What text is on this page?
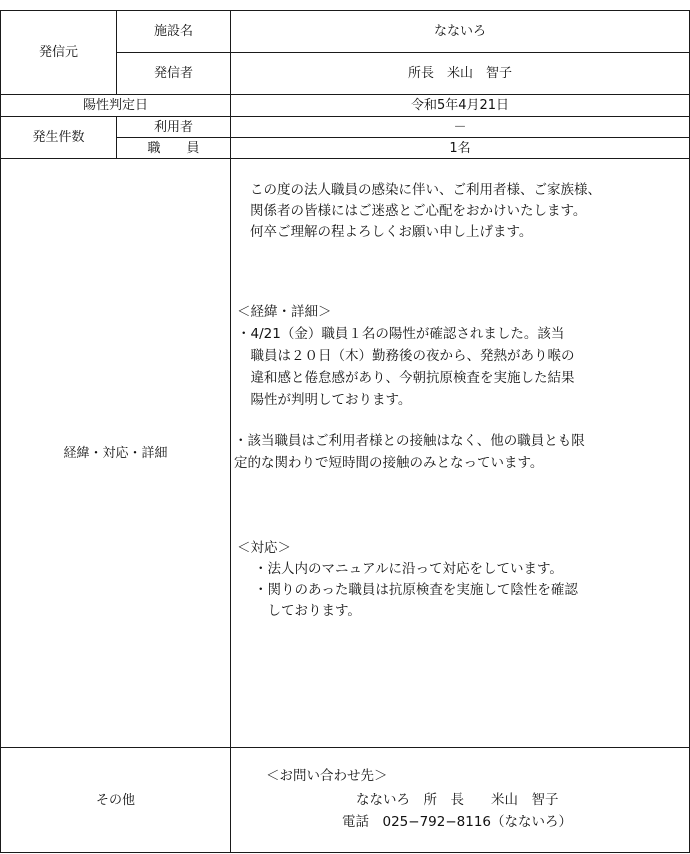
発信元
施設名	なないろ
発信者	所長　米山　智子
陽性判定日	令和5年4月21日
発生件数
利用者	－
職　　員	1名
経緯・対応・詳細
この度の法人職員の感染に伴い、ご利用者様、ご家族様、
関係者の皆様にはご迷惑とご心配をおかけいたします。
何卒ご理解の程よろしくお願い申し上げます。
＜経緯・詳細＞
・4/21（金）職員１名の陽性が確認されました。該当
　職員は２０日（木）勤務後の夜から、発熱があり喉の
　違和感と倦怠感があり、今朝抗原検査を実施した結果
　陽性が判明しております。
・該当職員はご利用者様との接触はなく、他の職員とも限
定的な関わりで短時間の接触のみとなっています。
＜対応＞
・法人内のマニュアルに沿って対応をしています。
・関りのあった職員は抗原検査を実施して陰性を確認
　しております。
その他
＜お問い合わせ先＞
なないろ　所　長　　米山　智子
電話　025−792−8116（なないろ）
